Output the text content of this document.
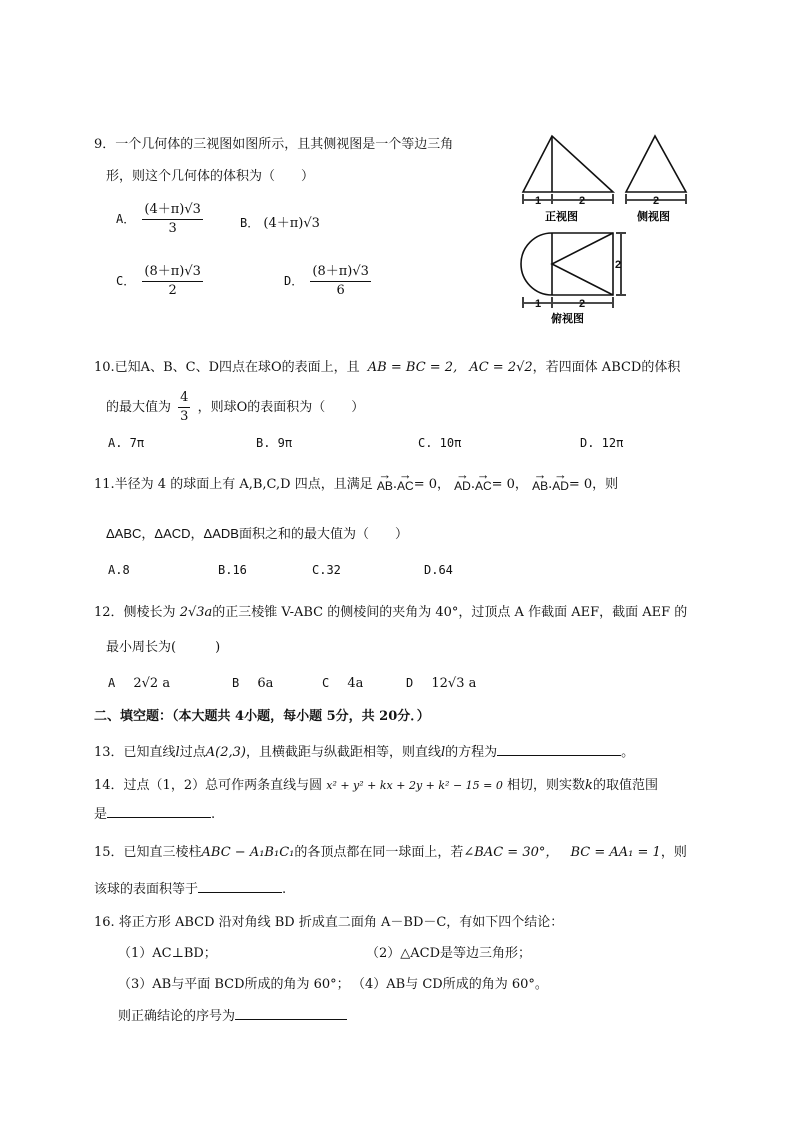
9．一个几何体的三视图如图所示，且其侧视图是一个等边三角
形，则这个几何体的体积为（　　）
A． $\frac{(4+\pi)√3}{3}$	B． (4＋π)√3
C． $\frac{(8+\pi)√3}{2}$	D． $\frac{(8+\pi)√3}{6}$
1	2
正视图
2
侧视图
1	2
2
俯视图
10.已知A、B、C、D四点在球O的表面上，且 AB = BC = 2, AC = 2√2，若四面体 ABCD的体积
的最大值为 $\frac{4}{3}$ ，则球O的表面积为（　　）
A. 7π	B. 9π	C. 10π	D. 12π
11.半径为 4 的球面上有 A,B,C,D 四点，且满足
→
AB .
→
AC = 0，
→
AD .
→
AC = 0，
→
AB .
→
AD = 0，则
ΔABC，ΔACD，ΔADB面积之和的最大值为（　　）
A.8	B.16	C.32	D.64
12．侧棱长为 2√3a的正三棱锥 V-ABC 的侧棱间的夹角为 40°，过顶点 A 作截面 AEF，截面 AEF 的
最小周长为(　　　)
A 2√2 a	B 6a	C 4a	D 12√3 a
二、填空题：（本大题共 4小题，每小题 5分，共 20分．）
13．已知直线l过点A(2,3)，且横截距与纵截距相等，则直线l的方程为	。
14．过点（1，2）总可作两条直线与圆 x² + y² + kx + 2y + k² − 15 = 0 相切，则实数k的取值范围
是	.
15．已知直三棱柱ABC − A₁B₁C₁的各顶点都在同一球面上，若∠BAC = 30°， BC = AA₁ = 1，则
该球的表面积等于	.
16. 将正方形 ABCD 沿对角线 BD 折成直二面角 A－BD－C，有如下四个结论：
（1）AC⊥BD；	（2）△ACD是等边三角形；
（3）AB与平面 BCD所成的角为 60°； （4）AB与 CD所成的角为 60°。
则正确结论的序号为
